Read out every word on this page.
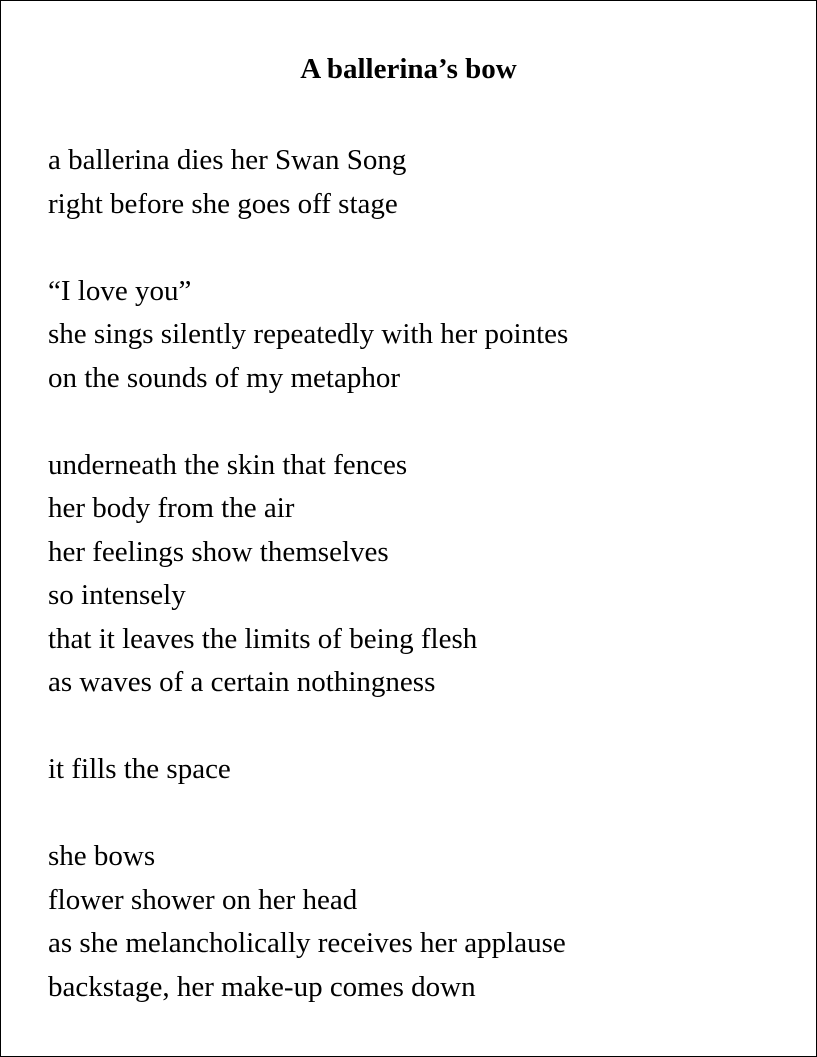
A ballerina’s bow
a ballerina dies her Swan Song
right before she goes off stage
“I love you”
she sings silently repeatedly with her pointes
on the sounds of my metaphor
underneath the skin that fences
her body from the air
her feelings show themselves
so intensely
that it leaves the limits of being flesh
as waves of a certain nothingness
it fills the space
she bows
flower shower on her head
as she melancholically receives her applause
backstage, her make-up comes down
